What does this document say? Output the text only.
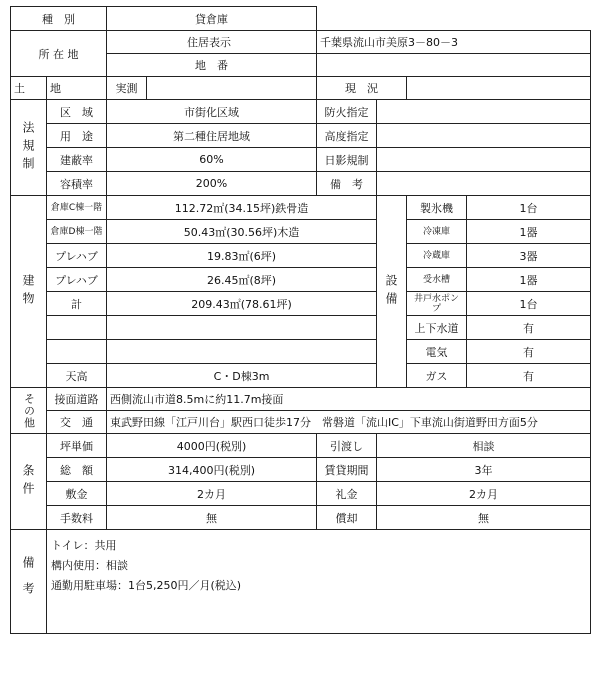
種　別		貸倉庫					
所 在 地		住居表示		千葉県流山市美原3－80－3			
		地　番					
土	地	実測		現　況			
法規制	区　域	市街化区域		防火指定			
	用　途	第二種住居地域		高度指定			
	建蔽率	60%		日影規制			
	容積率	200%		備　考			
建物	倉庫C棟一階	112.72㎡(34.15坪)鉄骨造			設備	製氷機	1台
	倉庫D棟一階	50.43㎡(30.56坪)木造				冷凍庫	1器
	プレハブ	19.83㎡(6坪)				冷蔵庫	3器
	プレハブ	26.45㎡(8坪)				受水槽	1器
	計	209.43㎡(78.61坪)				井戸水ポンプ	1台
						上下水道	有
						電気	有
	天高	C・D棟3m				ガス	有
その他	接面道路	西側流山市道8.5mに約11.7m接面					
	交　通	東武野田線「江戸川台」駅西口徒歩17分　常磐道「流山IC」下車流山街道野田方面5分					
条件	坪単価	4000円(税別)		引渡し	相談		
	総　額	314,400円(税別)		賃貸期間	3年		
	敷金	2カ月		礼金	2カ月		
	手数料	無		償却	無		
備考	トイレ：共用
構内使用：相談
通勤用駐車場：1台5,250円／月(税込)						
